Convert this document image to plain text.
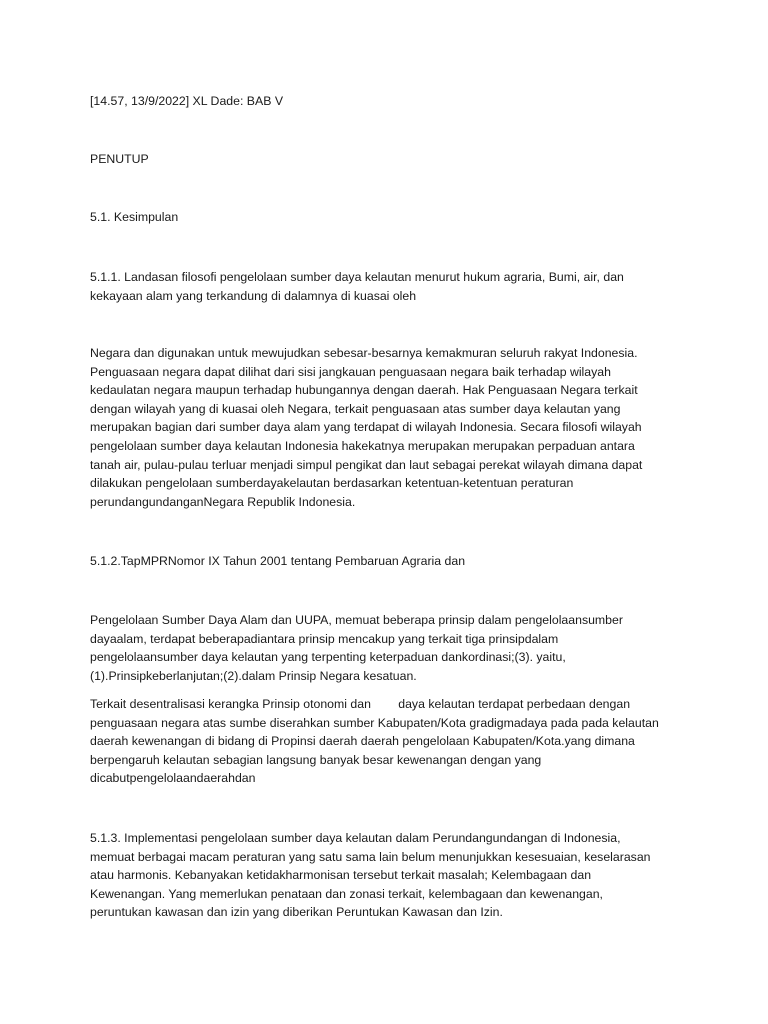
[14.57, 13/9/2022] XL Dade: BAB V

PENUTUP

5.1. Kesimpulan

5.1.1. Landasan filosofi pengelolaan sumber daya kelautan menurut hukum agraria, Bumi, air, dan
kekayaan alam yang terkandung di dalamnya di kuasai oleh
Negara dan digunakan untuk mewujudkan sebesar-besarnya kemakmuran seluruh rakyat Indonesia.
Penguasaan negara dapat dilihat dari sisi jangkauan penguasaan negara baik terhadap wilayah
kedaulatan negara maupun terhadap hubungannya dengan daerah. Hak Penguasaan Negara terkait
dengan wilayah yang di kuasai oleh Negara, terkait penguasaan atas sumber daya kelautan yang
merupakan bagian dari sumber daya alam yang terdapat di wilayah Indonesia. Secara filosofi wilayah
pengelolaan sumber daya kelautan Indonesia hakekatnya merupakan merupakan perpaduan antara
tanah air, pulau-pulau terluar menjadi simpul pengikat dan laut sebagai perekat wilayah dimana dapat
dilakukan pengelolaan sumberdayakelautan berdasarkan ketentuan-ketentuan peraturan
perundangundanganNegara Republik Indonesia.

5.1.2.TapMPRNomor IX Tahun 2001 tentang Pembaruan Agraria dan

Pengelolaan Sumber Daya Alam dan UUPA, memuat beberapa prinsip dalam pengelolaansumber
dayaalam, terdapat beberapadiantara prinsip mencakup yang terkait tiga prinsipdalam
pengelolaansumber daya kelautan yang terpenting keterpaduan dankordinasi;(3). yaitu,
(1).Prinsipkeberlanjutan;(2).dalam Prinsip Negara kesatuan.
Terkait desentralisasi kerangka Prinsip otonomi dan        daya kelautan terdapat perbedaan dengan
penguasaan negara atas sumbe diserahkan sumber Kabupaten/Kota gradigmadaya pada pada kelautan
daerah kewenangan di bidang di Propinsi daerah daerah pengelolaan Kabupaten/Kota.yang dimana
berpengaruh kelautan sebagian langsung banyak besar kewenangan dengan yang
dicabutpengelolaandaerahdan
5.1.3. Implementasi pengelolaan sumber daya kelautan dalam Perundangundangan di Indonesia,
memuat berbagai macam peraturan yang satu sama lain belum menunjukkan kesesuaian, keselarasan
atau harmonis. Kebanyakan ketidakharmonisan tersebut terkait masalah; Kelembagaan dan
Kewenangan. Yang memerlukan penataan dan zonasi terkait, kelembagaan dan kewenangan,
peruntukan kawasan dan izin yang diberikan Peruntukan Kawasan dan Izin.
